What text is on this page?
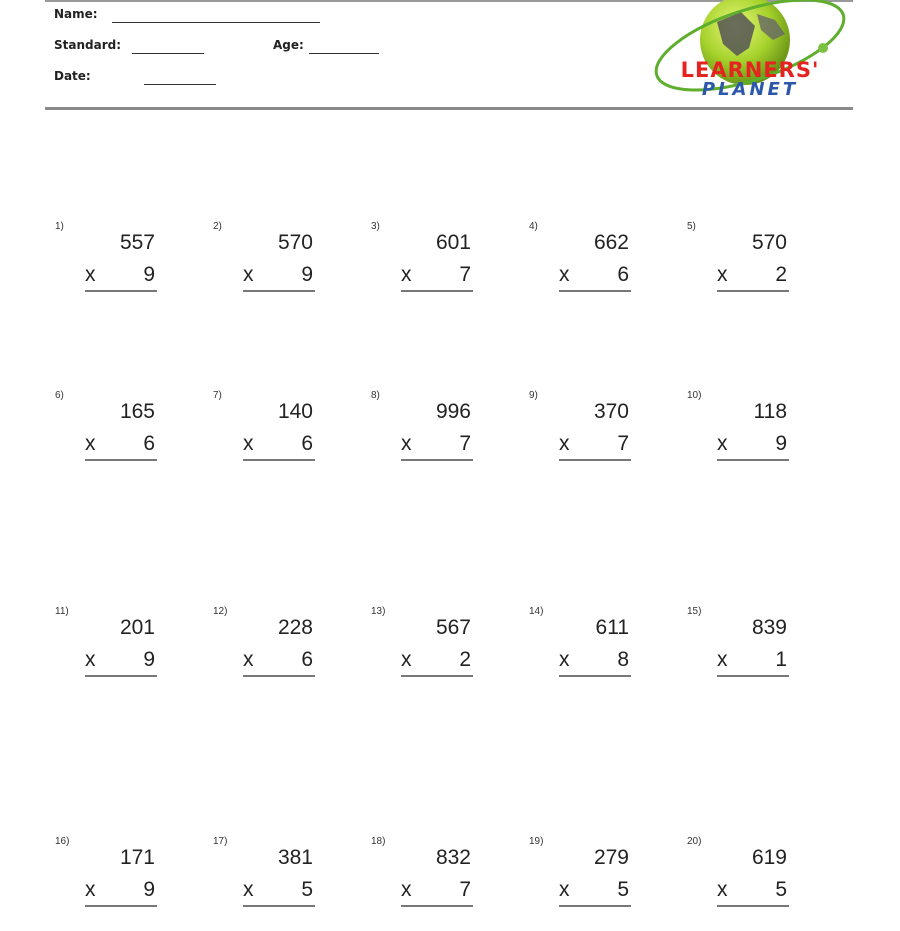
Name:
Standard:	Age:
Date:	LEARNERS'
PLANET
1)
557
x 9
2)
570
x 9
3)
601
x 7
4)
662
x 6
5)
570
x 2
6)
165
x 6
7)
140
x 6
8)
996
x 7
9)
370
x 7
10)
118
x 9
11)
201
x 9
12)
228
x 6
13)
567
x 2
14)
611
x 8
15)
839
x 1
16)
171
x 9
17)
381
x 5
18)
832
x 7
19)
279
x 5
20)
619
x 5
